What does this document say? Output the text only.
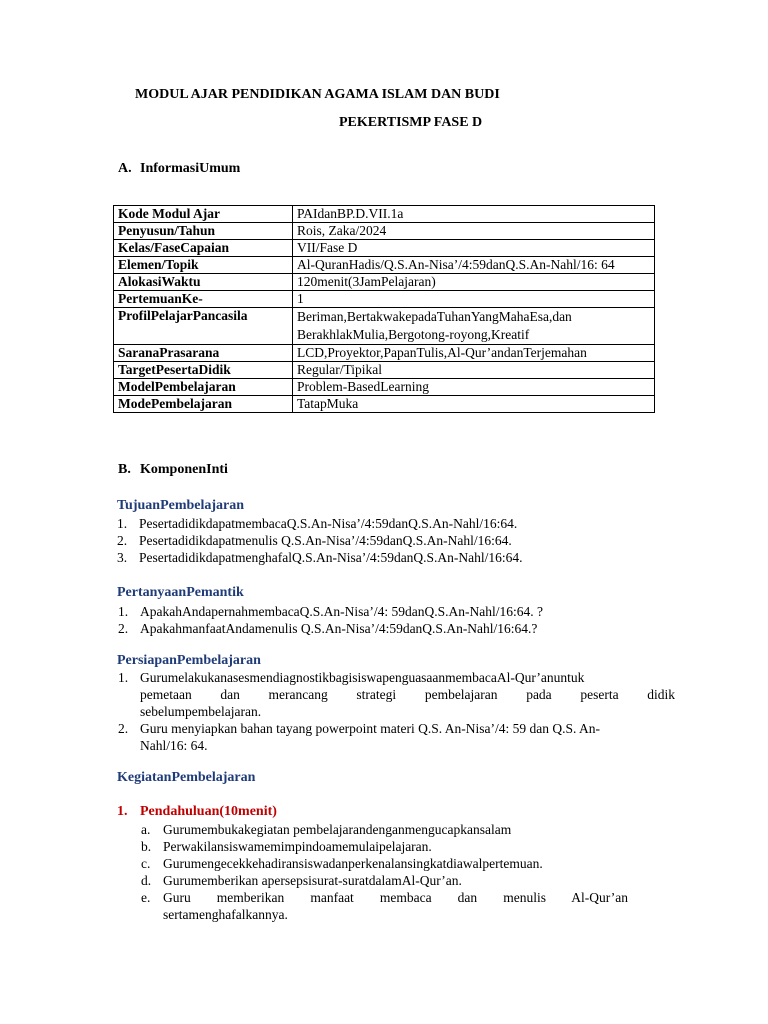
MODUL AJAR PENDIDIKAN AGAMA ISLAM DAN BUDI
PEKERTISMP FASE D
A. InformasiUmum
Kode Modul Ajar	PAIdanBP.D.VII.1a
Penyusun/Tahun	Rois, Zaka/2024
Kelas/FaseCapaian	VII/Fase D
Elemen/Topik	Al-QuranHadis/Q.S.An-Nisa’/4:59danQ.S.An-Nahl/16: 64
AlokasiWaktu	120menit(3JamPelajaran)
PertemuanKe-	1
ProfilPelajarPancasila	Beriman,BertakwakepadaTuhanYangMahaEsa,dan BerakhlakMulia,Bergotong-royong,Kreatif
SaranaPrasarana	LCD,Proyektor,PapanTulis,Al-Qur’andanTerjemahan
TargetPesertaDidik	Regular/Tipikal
ModelPembelajaran	Problem-BasedLearning
ModePembelajaran	TatapMuka
B. KomponenInti
TujuanPembelajaran
1. PesertadidikdapatmembacaQ.S.An-Nisa’/4:59danQ.S.An-Nahl/16:64.
2. Pesertadidikdapatmenulis Q.S.An-Nisa’/4:59danQ.S.An-Nahl/16:64.
3. PesertadidikdapatmenghafalQ.S.An-Nisa’/4:59danQ.S.An-Nahl/16:64.
PertanyaanPemantik
1. ApakahAndapernahmembacaQ.S.An-Nisa’/4: 59danQ.S.An-Nahl/16:64. ?
2. ApakahmanfaatAndamenulis Q.S.An-Nisa’/4:59danQ.S.An-Nahl/16:64.?
PersiapanPembelajaran
1. GurumelakukanasesmendiagnostikbagisiswapenguasaanmembacaAl-Qur’anuntuk
pemetaan dan merancang strategi pembelajaran pada peserta didik
sebelumpembelajaran.
2. Guru menyiapkan bahan tayang powerpoint materi Q.S. An-Nisa’/4: 59 dan Q.S. An-
Nahl/16: 64.
KegiatanPembelajaran
1. Pendahuluan(10menit)
a. Gurumembukakegiatan pembelajarandenganmengucapkansalam
b. Perwakilansiswamemimpindoamemulaipelajaran.
c. Gurumengecekkehadiransiswadanperkenalansingkatdiawalpertemuan.
d. Gurumemberikan apersepsisurat-suratdalamAl-Qur’an.
e. Guru memberikan manfaat membaca dan menulis Al-Qur’an
sertamenghafalkannya.
